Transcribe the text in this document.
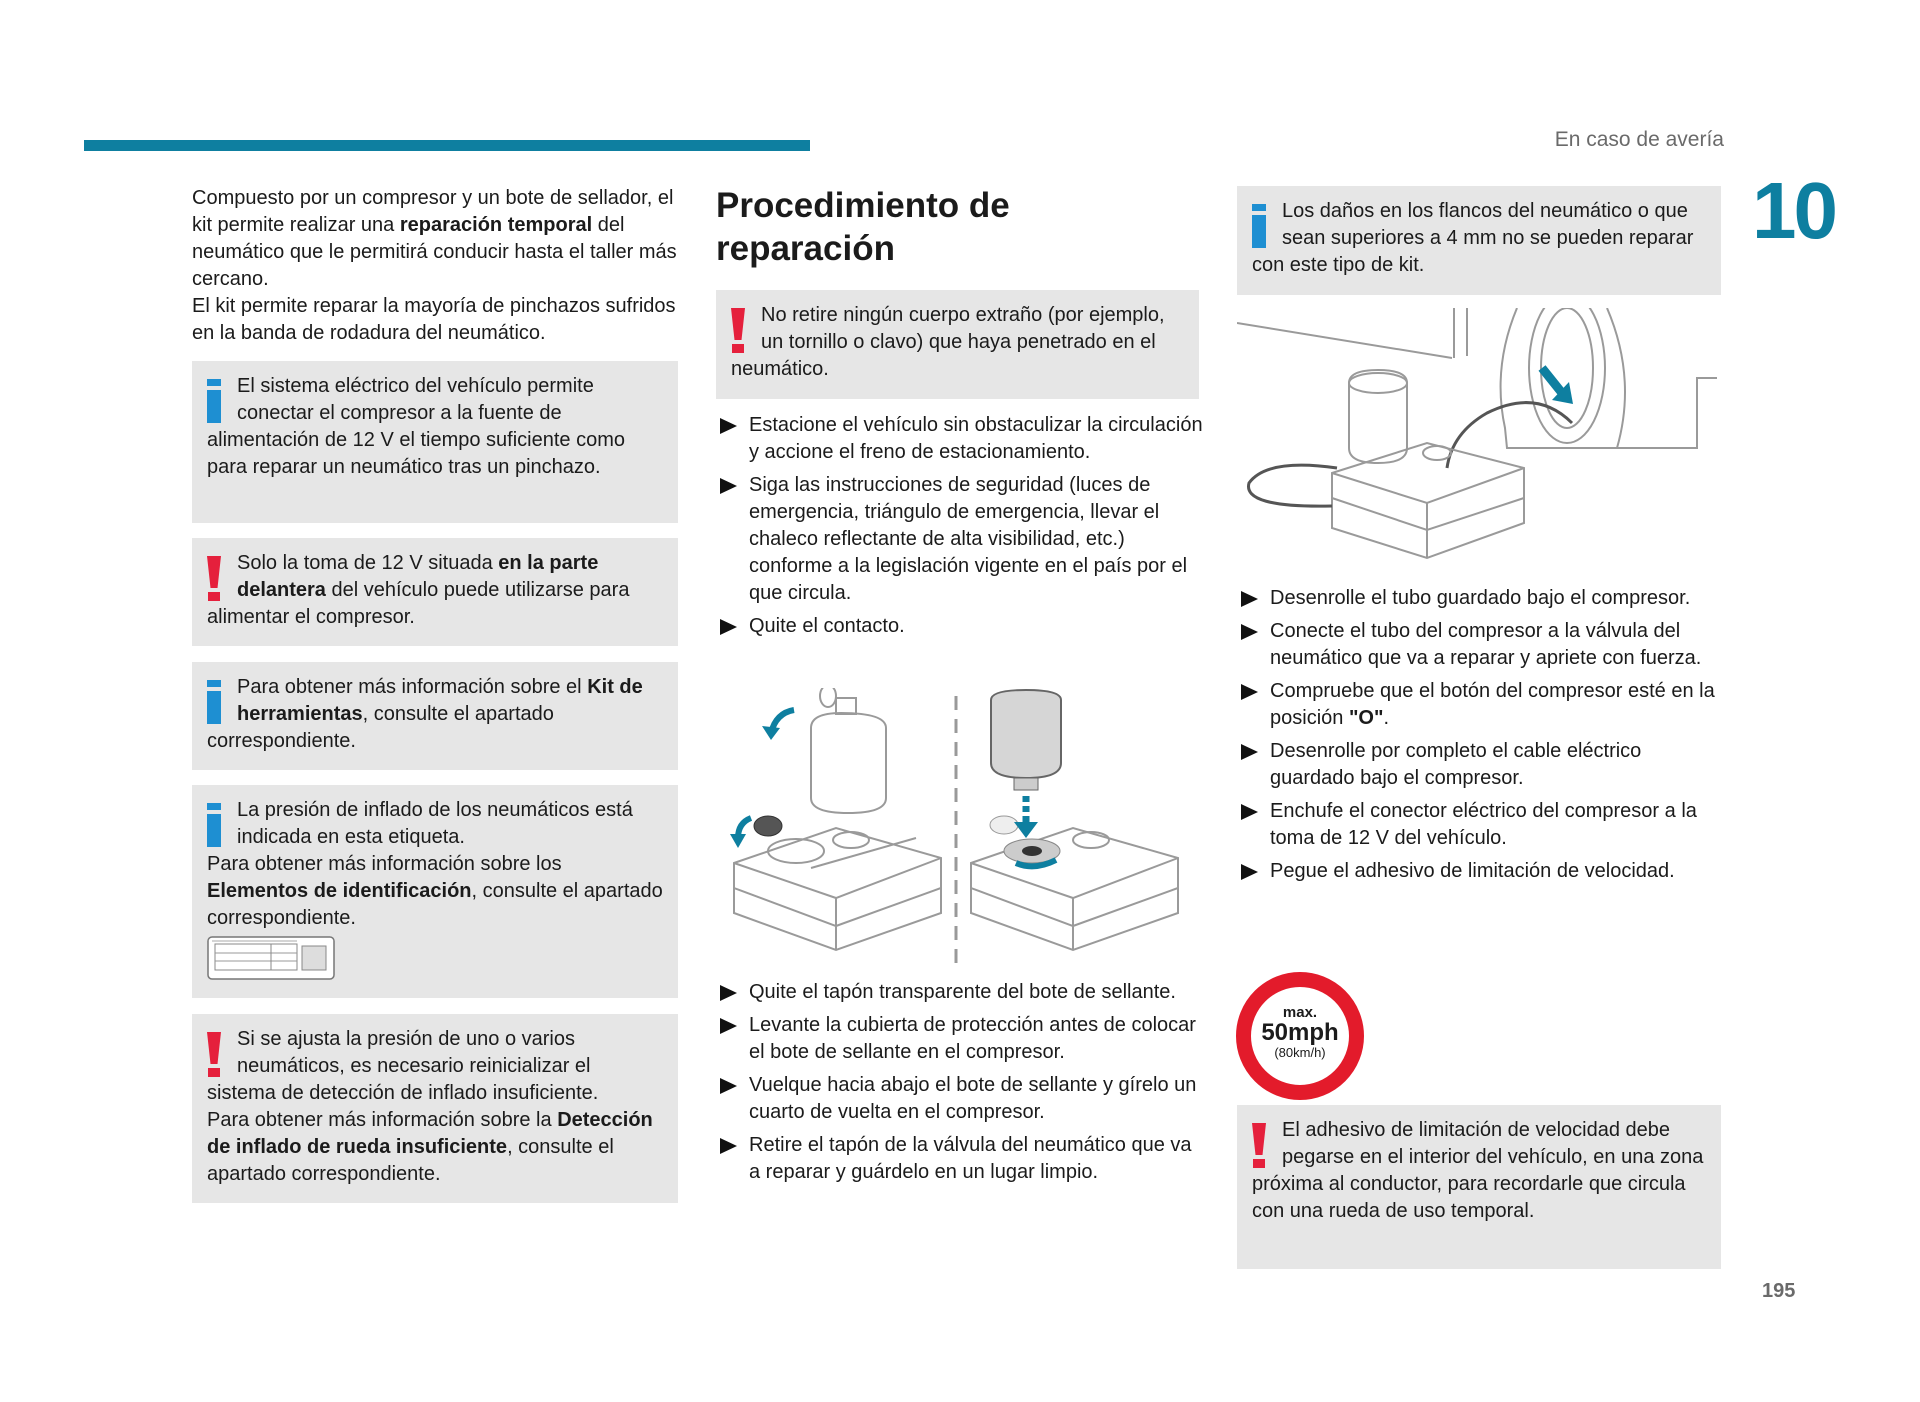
En caso de avería
10
195

Compuesto por un compresor y un bote de sellador, el kit permite realizar una reparación temporal del neumático que le permitirá conducir hasta el taller más cercano.

El kit permite reparar la mayoría de pinchazos sufridos en la banda de rodadura del neumático.

El sistema eléctrico del vehículo permite conectar el compresor a la fuente de alimentación de 12 V el tiempo suficiente como para reparar un neumático tras un pinchazo.

Solo la toma de 12 V situada en la parte delantera del vehículo puede utilizarse para alimentar el compresor.

Para obtener más información sobre el Kit de herramientas, consulte el apartado correspondiente.

La presión de inflado de los neumáticos está indicada en esta etiqueta.

Para obtener más información sobre los Elementos de identificación, consulte el apartado correspondiente.

Si se ajusta la presión de uno o varios neumáticos, es necesario reinicializar el sistema de detección de inflado insuficiente.

Para obtener más información sobre la Detección de inflado de rueda insuficiente, consulte el apartado correspondiente.

Procedimiento de reparación

No retire ningún cuerpo extraño (por ejemplo, un tornillo o clavo) que haya penetrado en el neumático.

Estacione el vehículo sin obstaculizar la circulación y accione el freno de estacionamiento.
Siga las instrucciones de seguridad (luces de emergencia, triángulo de emergencia, llevar el chaleco reflectante de alta visibilidad, etc.) conforme a la legislación vigente en el país por el que circula.
Quite el contacto.
Quite el tapón transparente del bote de sellante.
Levante la cubierta de protección antes de colocar el bote de sellante en el compresor.
Vuelque hacia abajo el bote de sellante y gírelo un cuarto de vuelta en el compresor.
Retire el tapón de la válvula del neumático que va a reparar y guárdelo en un lugar limpio.

Los daños en los flancos del neumático o que sean superiores a 4 mm no se pueden reparar con este tipo de kit.

Desenrolle el tubo guardado bajo el compresor.
Conecte el tubo del compresor a la válvula del neumático que va a reparar y apriete con fuerza.
Compruebe que el botón del compresor esté en la posición "O".
Desenrolle por completo el cable eléctrico guardado bajo el compresor.
Enchufe el conector eléctrico del compresor a la toma de 12 V del vehículo.
Pegue el adhesivo de limitación de velocidad.
max.
50mph
(80km/h)

El adhesivo de limitación de velocidad debe pegarse en el interior del vehículo, en una zona próxima al conductor, para recordarle que circula con una rueda de uso temporal.
